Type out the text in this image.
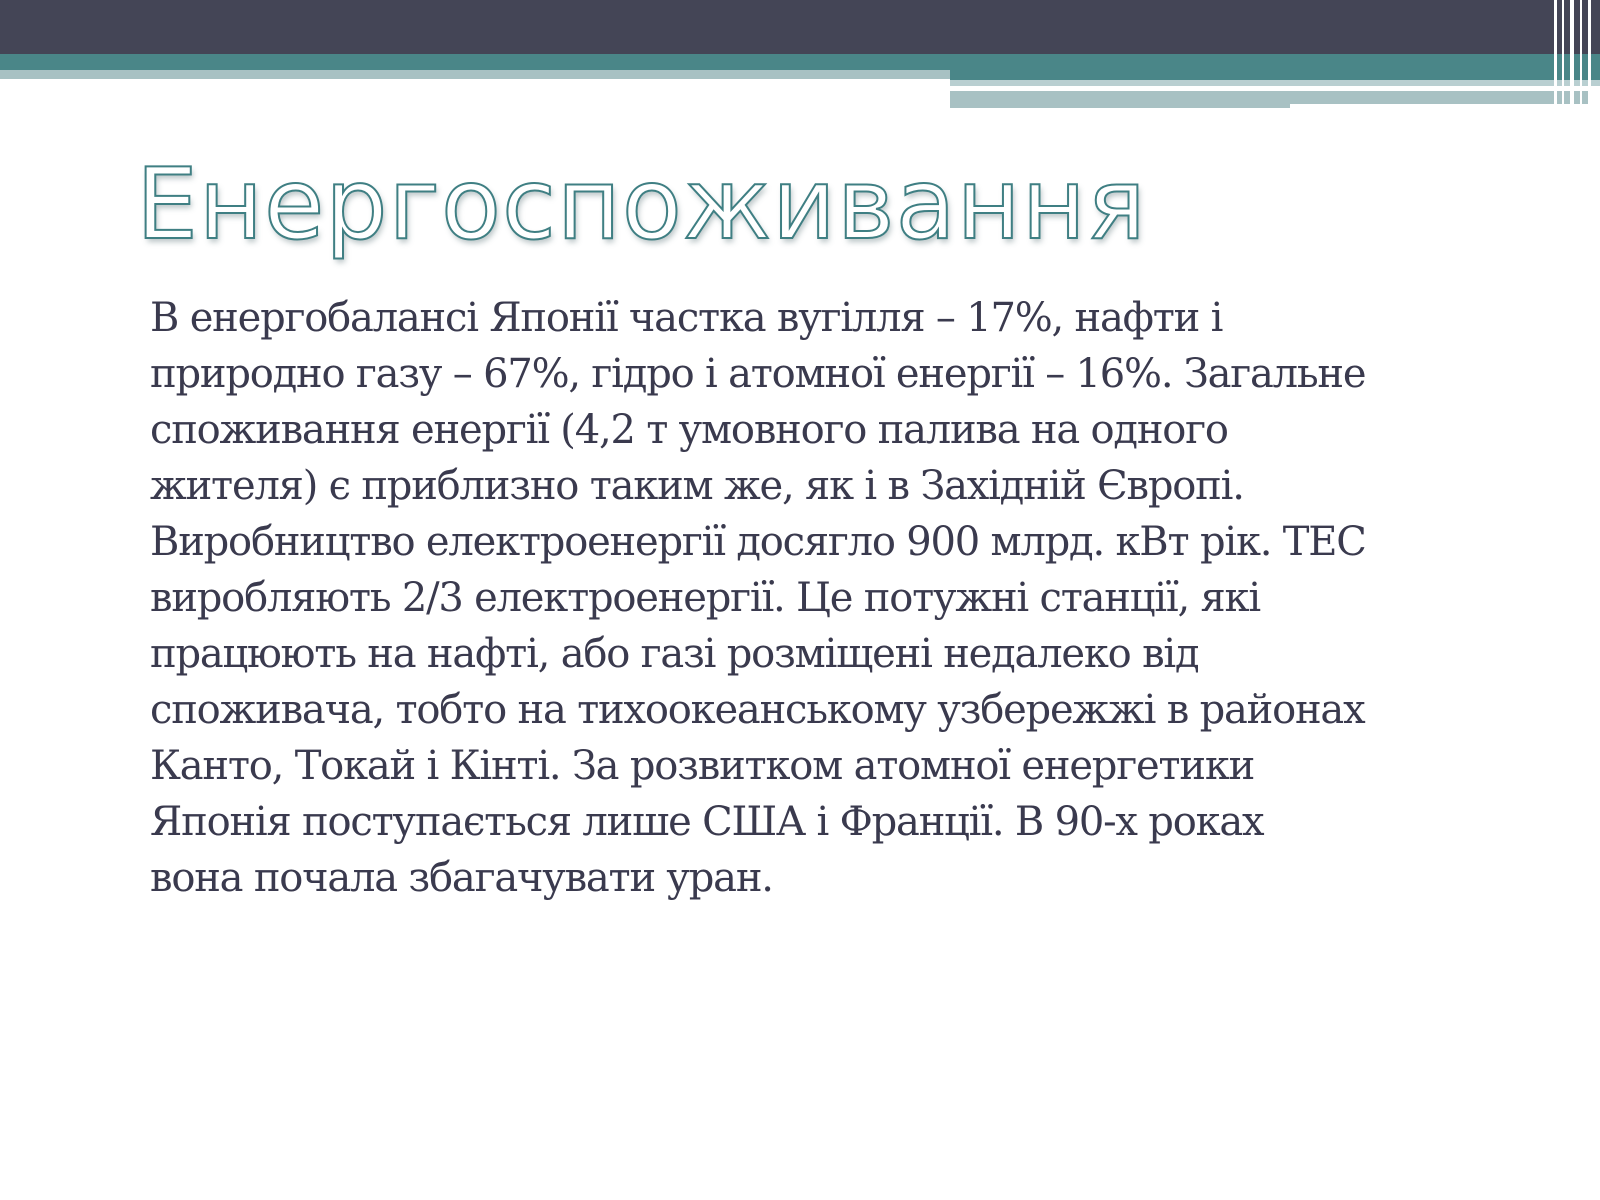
Енергоспоживання
В енергобалансі Японії частка вугілля – 17%, нафти і
природно газу – 67%, гідро і атомної енергії – 16%. Загальне
споживання енергії (4,2 т умовного палива на одного
жителя) є приблизно таким же, як і в Західній Європі.
Виробництво електроенергії досягло 900 млрд. кВт рік. ТЕС
виробляють 2/3 електроенергії. Це потужні станції, які
працюють на нафті, або газі розміщені недалеко від
споживача, тобто на тихоокеанському узбережжі в районах
Канто, Токай і Кінті. За розвитком атомної енергетики
Японія поступається лише США і Франції. В 90-х роках
вона почала збагачувати уран.
